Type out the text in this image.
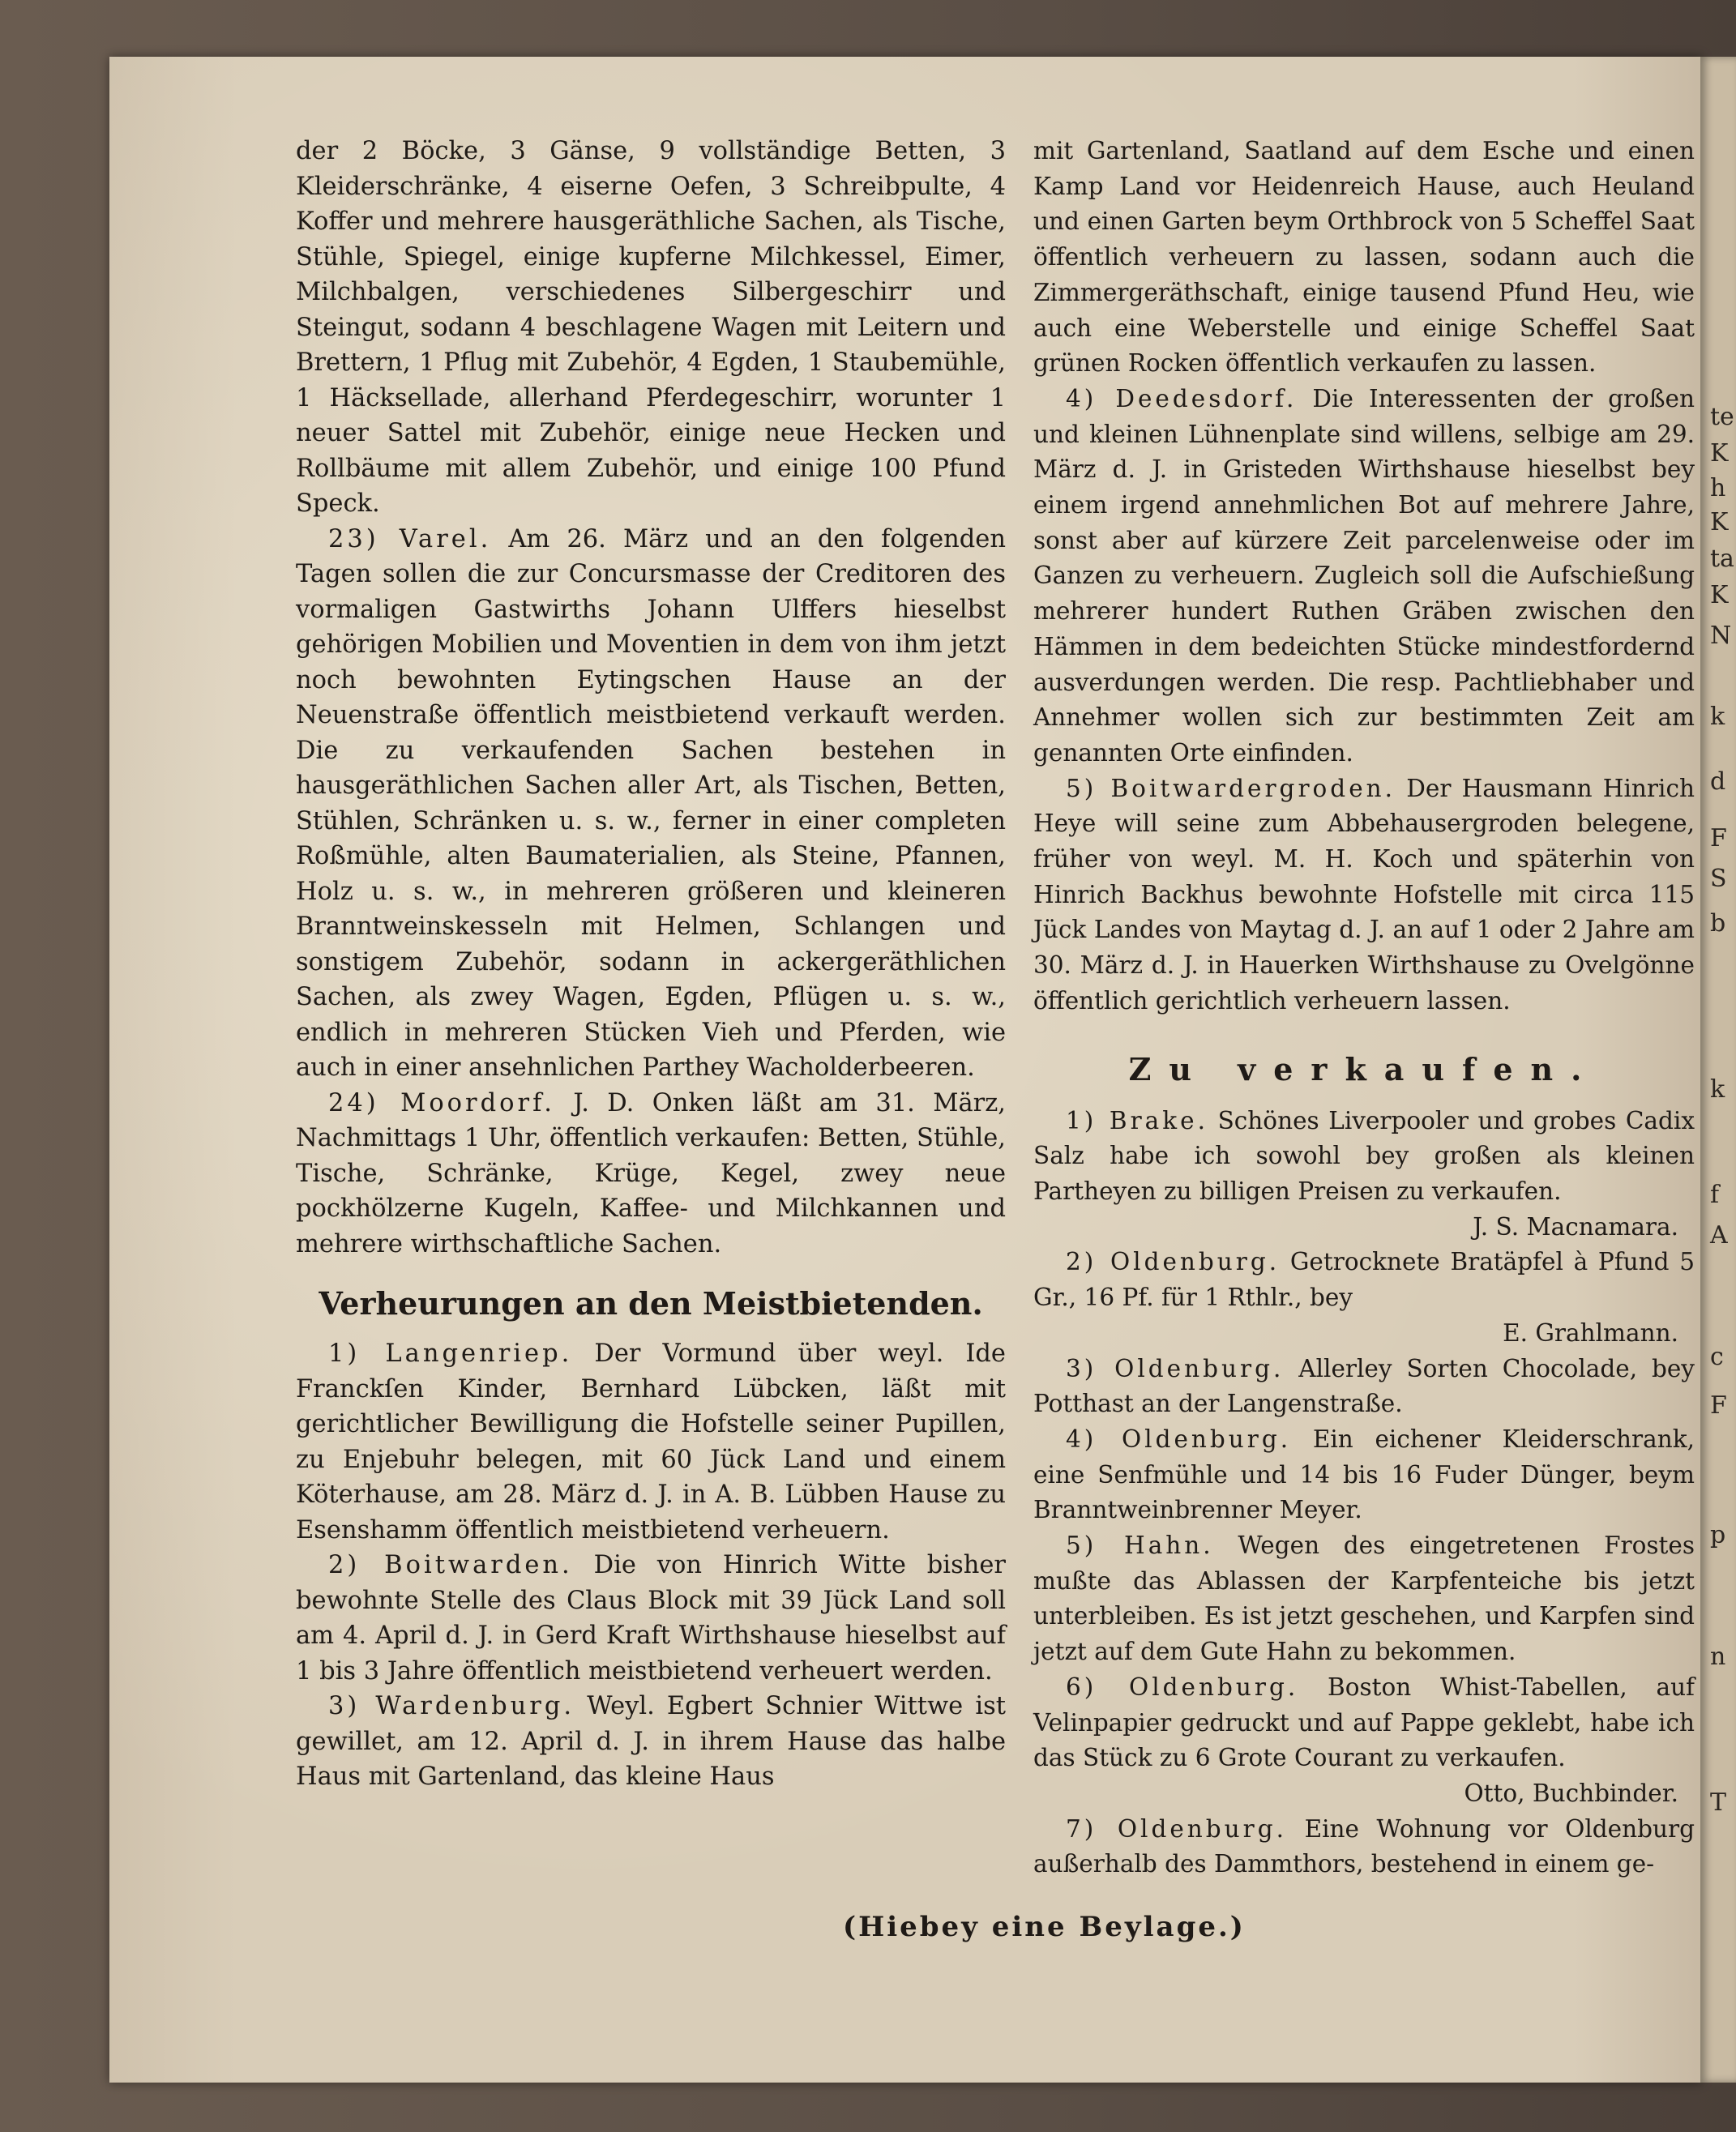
te
K
h
K
ta
K
N
k
d
F
S
b
k
f
A
c
F
p
n
T

der 2 Böcke, 3 Gänse, 9 vollständige Betten, 3 Kleiderschränke, 4 eiserne Oefen, 3 Schreibpulte, 4 Koffer und mehrere hausgeräthliche Sachen, als Tische, Stühle, Spiegel, einige kupferne Milchkessel, Eimer, Milchbalgen, verschiedenes Silbergeschirr und Steingut, sodann 4 beschlagene Wagen mit Leitern und Brettern, 1 Pflug mit Zubehör, 4 Egden, 1 Staubemühle, 1 Häcksellade, allerhand Pferdegeschirr, worunter 1 neuer Sattel mit Zubehör, einige neue Hecken und Rollbäume mit allem Zubehör, und einige 100 Pfund Speck.

23) Varel. Am 26. März und an den folgenden Tagen sollen die zur Concursmasse der Creditoren des vormaligen Gastwirths Johann Ulffers hieselbst gehörigen Mobilien und Moventien in dem von ihm jetzt noch bewohnten Eytingschen Hause an der Neuenstraße öffentlich meistbietend verkauft werden. Die zu verkaufenden Sachen bestehen in hausgeräthlichen Sachen aller Art, als Tischen, Betten, Stühlen, Schränken u. s. w., ferner in einer completen Roßmühle, alten Baumaterialien, als Steine, Pfannen, Holz u. s. w., in mehreren größeren und kleineren Branntweinskesseln mit Helmen, Schlangen und sonstigem Zubehör, sodann in ackergeräthlichen Sachen, als zwey Wagen, Egden, Pflügen u. s. w., endlich in mehreren Stücken Vieh und Pferden, wie auch in einer ansehnlichen Parthey Wacholderbeeren.

24) Moordorf. J. D. Onken läßt am 31. März, Nachmittags 1 Uhr, öffentlich verkaufen: Betten, Stühle, Tische, Schränke, Krüge, Kegel, zwey neue pockhölzerne Kugeln, Kaffee- und Milchkannen und mehrere wirthschaftliche Sachen.

Verheurungen an den Meistbietenden.

1) Langenriep. Der Vormund über weyl. Ide Franckſen Kinder, Bernhard Lübcken, läßt mit gerichtlicher Bewilligung die Hofstelle seiner Pupillen, zu Enjebuhr belegen, mit 60 Jück Land und einem Köterhause, am 28. März d. J. in A. B. Lübben Hause zu Esenshamm öffentlich meistbietend verheuern.

2) Boitwarden. Die von Hinrich Witte bisher bewohnte Stelle des Claus Block mit 39 Jück Land soll am 4. April d. J. in Gerd Kraft Wirthshause hieselbst auf 1 bis 3 Jahre öffentlich meistbietend verheuert werden.

3) Wardenburg. Weyl. Egbert Schnier Wittwe ist gewillet, am 12. April d. J. in ihrem Hause das halbe Haus mit Gartenland, das kleine Haus

mit Gartenland, Saatland auf dem Esche und einen Kamp Land vor Heidenreich Hause, auch Heuland und einen Garten beym Orthbrock von 5 Scheffel Saat öffentlich verheuern zu lassen, sodann auch die Zimmergeräthschaft, einige tausend Pfund Heu, wie auch eine Weberstelle und einige Scheffel Saat grünen Rocken öffentlich verkaufen zu lassen.

4) Deedesdorf. Die Interessenten der großen und kleinen Lühnenplate sind willens, selbige am 29. März d. J. in Gristeden Wirthshause hieselbst bey einem irgend annehmlichen Bot auf mehrere Jahre, sonst aber auf kürzere Zeit parcelenweise oder im Ganzen zu verheuern. Zugleich soll die Aufschießung mehrerer hundert Ruthen Gräben zwischen den Hämmen in dem bedeichten Stücke mindestfordernd ausverdungen werden. Die resp. Pachtliebhaber und Annehmer wollen sich zur bestimmten Zeit am genannten Orte einfinden.

5) Boitwardergroden. Der Hausmann Hinrich Heye will seine zum Abbehausergroden belegene, früher von weyl. M. H. Koch und späterhin von Hinrich Backhus bewohnte Hofstelle mit circa 115 Jück Landes von Maytag d. J. an auf 1 oder 2 Jahre am 30. März d. J. in Hauerken Wirthshause zu Ovelgönne öffentlich gerichtlich verheuern lassen.

Zu verkaufen.

1) Brake. Schönes Liverpooler und grobes Cadix Salz habe ich sowohl bey großen als kleinen Partheyen zu billigen Preisen zu verkaufen.

J. S. Macnamara.

2) Oldenburg. Getrocknete Bratäpfel à Pfund 5 Gr., 16 Pf. für 1 Rthlr., bey

E. Grahlmann.

3) Oldenburg. Allerley Sorten Chocolade, bey Potthast an der Langenstraße.

4) Oldenburg. Ein eichener Kleiderschrank, eine Senfmühle und 14 bis 16 Fuder Dünger, beym Branntweinbrenner Meyer.

5) Hahn. Wegen des eingetretenen Frostes mußte das Ablassen der Karpfenteiche bis jetzt unterbleiben. Es ist jetzt geschehen, und Karpfen sind jetzt auf dem Gute Hahn zu bekommen.

6) Oldenburg. Boston Whist-Tabellen, auf Velinpapier gedruckt und auf Pappe geklebt, habe ich das Stück zu 6 Grote Courant zu verkaufen.

Otto, Buchbinder.

7) Oldenburg. Eine Wohnung vor Oldenburg außerhalb des Dammthors, bestehend in einem ge-

(Hiebey eine Beylage.)
